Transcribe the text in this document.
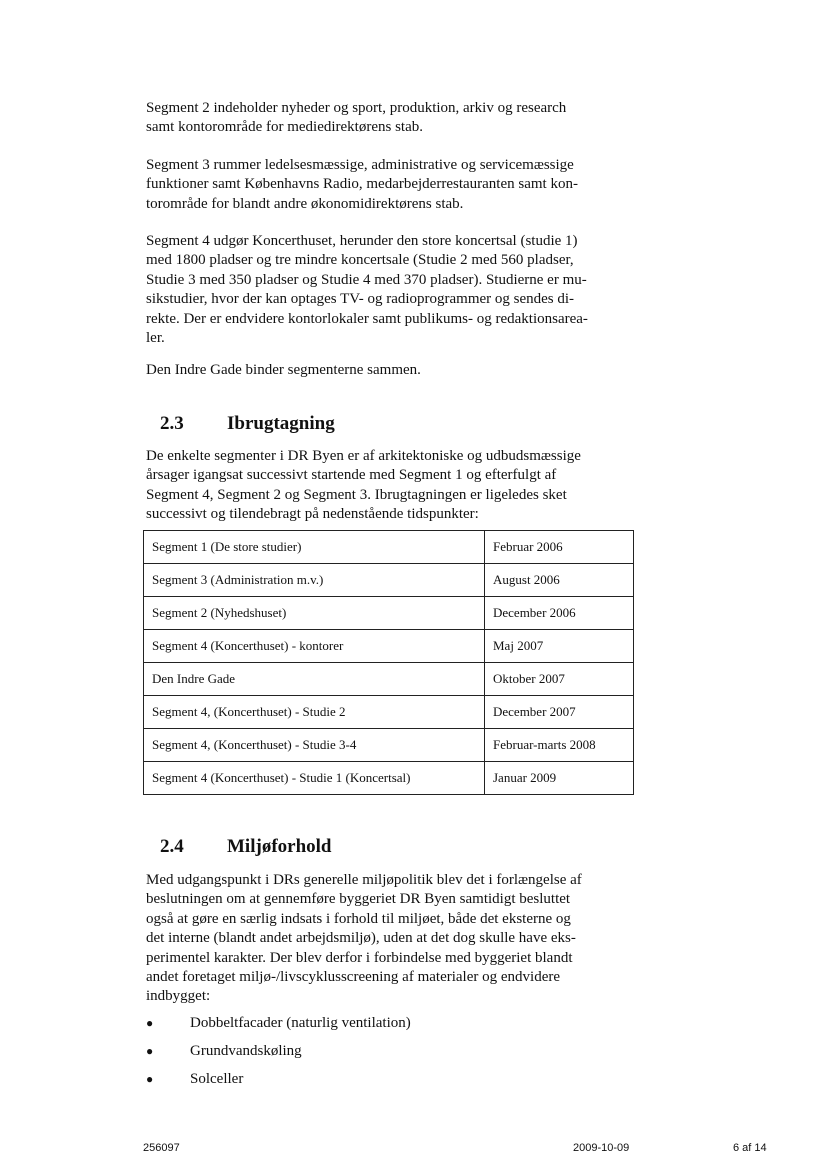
Segment 2 indeholder nyheder og sport, produktion, arkiv og research
samt kontorområde for mediedirektørens stab.

Segment 3 rummer ledelsesmæssige, administrative og servicemæssige
funktioner samt Københavns Radio, medarbejderrestauranten samt kon-
torområde for blandt andre økonomidirektørens stab.

Segment 4 udgør Koncerthuset, herunder den store koncertsal (studie 1)
med 1800 pladser og tre mindre koncertsale (Studie 2 med 560 pladser,
Studie 3 med 350 pladser og Studie 4 med 370 pladser). Studierne er mu-
sikstudier, hvor der kan optages TV- og radioprogrammer og sendes di-
rekte. Der er endvidere kontorlokaler samt publikums- og redaktionsarea-
ler.

Den Indre Gade binder segmenterne sammen.

2.3 Ibrugtagning

De enkelte segmenter i DR Byen er af arkitektoniske og udbudsmæssige
årsager igangsat successivt startende med Segment 1 og efterfulgt af
Segment 4, Segment 2 og Segment 3. Ibrugtagningen er ligeledes sket
successivt og tilendebragt på nedenstående tidspunkter:

Segment 1 (De store studier)	Februar 2006
Segment 3 (Administration m.v.)	August 2006
Segment 2 (Nyhedshuset)	December 2006
Segment 4 (Koncerthuset) - kontorer	Maj 2007
Den Indre Gade	Oktober 2007
Segment 4, (Koncerthuset) - Studie 2	December 2007
Segment 4, (Koncerthuset) - Studie 3-4	Februar-marts 2008
Segment 4 (Koncerthuset) - Studie 1 (Koncertsal)	Januar 2009
2.4 Miljøforhold

Med udgangspunkt i DRs generelle miljøpolitik blev det i forlængelse af
beslutningen om at gennemføre byggeriet DR Byen samtidigt besluttet
også at gøre en særlig indsats i forhold til miljøet, både det eksterne og
det interne (blandt andet arbejdsmiljø), uden at det dog skulle have eks-
perimentel karakter. Der blev derfor i forbindelse med byggeriet blandt
andet foretaget miljø-/livscyklusscreening af materialer og endvidere
indbygget:

● Dobbeltfacader (naturlig ventilation)
● Grundvandskøling
● Solceller
256097	2009-10-09	6 af 14
